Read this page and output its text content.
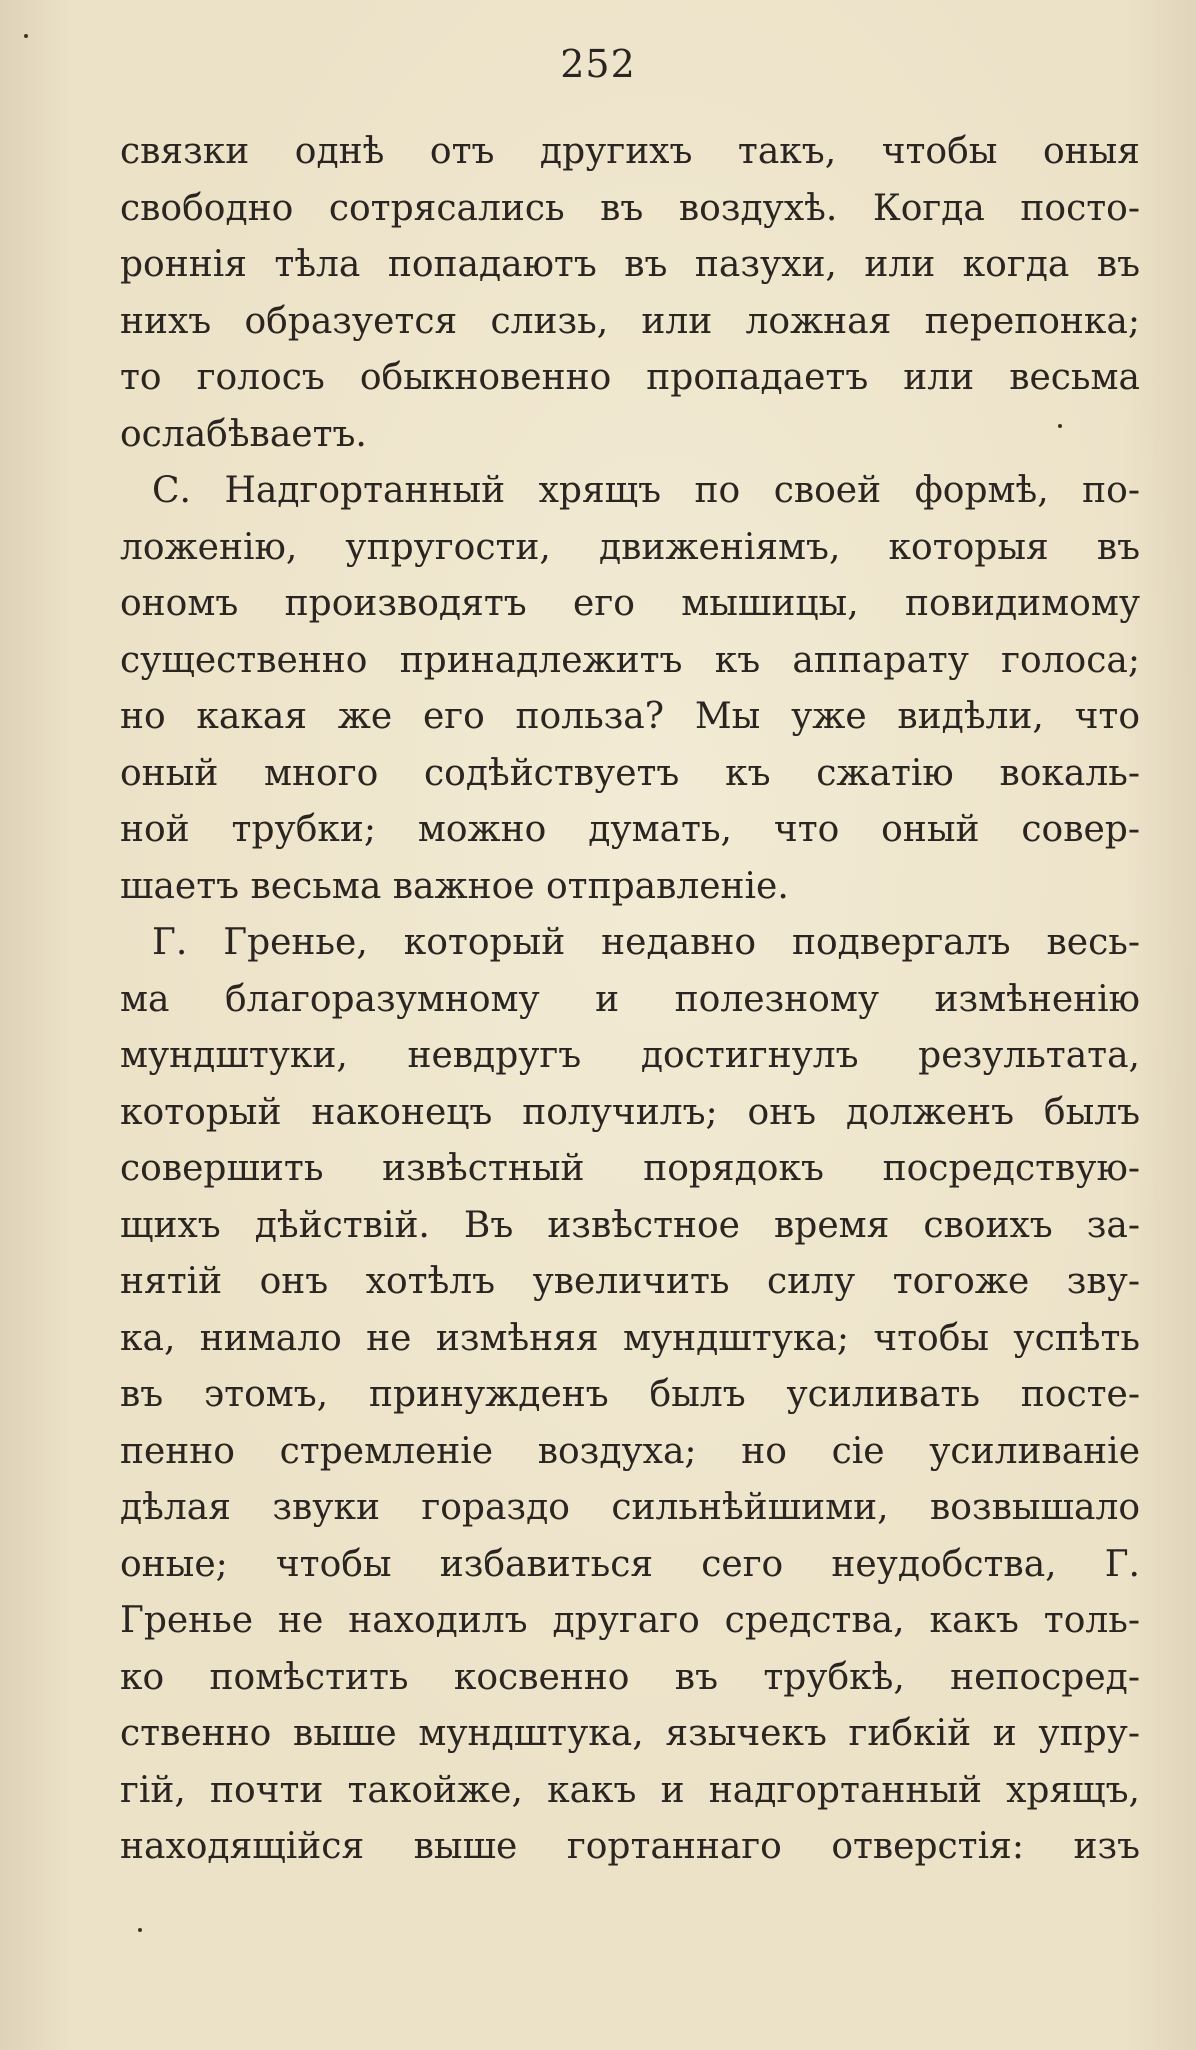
252
связки однѣ отъ другихъ такъ, чтобы оныя
свободно сотрясались въ воздухѣ. Когда посто-
роннія тѣла попадаютъ въ пазухи, или когда въ
нихъ образуется слизь, или ложная перепонка;
то голосъ обыкновенно пропадаетъ или весьма
ослабѣваетъ.
С. Надгортанный хрящъ по своей формѣ, по-
ложенію, упругости, движеніямъ, которыя въ
ономъ производятъ его мышицы, повидимому
существенно принадлежитъ къ аппарату голоса;
но какая же его польза? Мы уже видѣли, что
оный много содѣйствуетъ къ сжатію вокаль-
ной трубки; можно думать, что оный совер-
шаетъ весьма важное отправленіе.
Г. Гренье, который недавно подвергалъ весь-
ма благоразумному и полезному измѣненію
мундштуки, невдругъ достигнулъ результата,
который наконецъ получилъ; онъ долженъ былъ
совершить извѣстный порядокъ посредствую-
щихъ дѣйствій. Въ извѣстное время своихъ за-
нятій онъ хотѣлъ увеличить силу тогоже зву-
ка, нимало не измѣняя мундштука; чтобы успѣть
въ этомъ, принужденъ былъ усиливать посте-
пенно стремленіе воздуха; но сіе усиливаніе
дѣлая звуки гораздо сильнѣйшими, возвышало
оные; чтобы избавиться сего неудобства, Г.
Гренье не находилъ другаго средства, какъ толь-
ко помѣстить косвенно въ трубкѣ, непосред-
ственно выше мундштука, язычекъ гибкій и упру-
гій, почти такойже, какъ и надгортанный хрящъ,
находящійся выше гортаннаго отверстія: изъ
